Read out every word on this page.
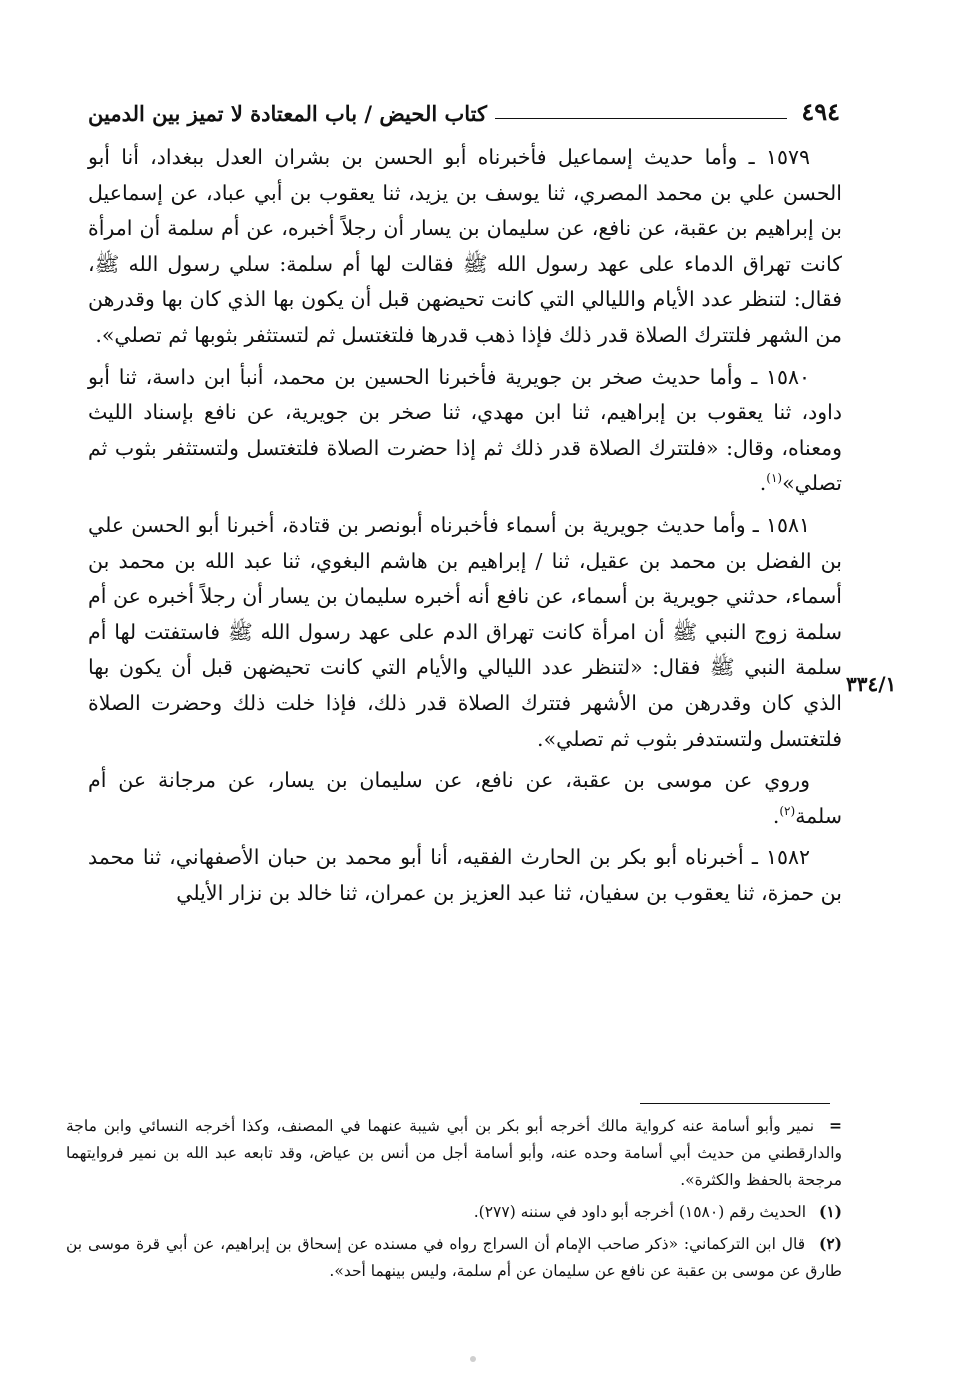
٤٩٤
كتاب الحيض / باب المعتادة لا تميز بين الدمين
٣٣٤/١

١٥٧٩ ـ وأما حديث إسماعيل فأخبرناه أبو الحسن بن بشران العدل ببغداد، أنا أبو الحسن علي بن محمد المصري، ثنا يوسف بن يزيد، ثنا يعقوب بن أبي عباد، عن إسماعيل بن إبراهيم بن عقبة، عن نافع، عن سليمان بن يسار أن رجلاً أخبره، عن أم سلمة أن امرأة كانت تهراق الدماء على عهد رسول الله ﷺ فقالت لها أم سلمة: سلي رسول الله ﷺ، فقال: لتنظر عدد الأيام والليالي التي كانت تحيضهن قبل أن يكون بها الذي كان بها وقدرهن من الشهر فلتترك الصلاة قدر ذلك فإذا ذهب قدرها فلتغتسل ثم لتستثفر بثوبها ثم تصلي».

١٥٨٠ ـ وأما حديث صخر بن جويرية فأخبرنا الحسين بن محمد، أنبأ ابن داسة، ثنا أبو داود، ثنا يعقوب بن إبراهيم، ثنا ابن مهدي، ثنا صخر بن جويرية، عن نافع بإسناد الليث ومعناه، وقال: «فلتترك الصلاة قدر ذلك ثم إذا حضرت الصلاة فلتغتسل ولتستثفر بثوب ثم تصلي»$^{(١)}$.

١٥٨١ ـ وأما حديث جويرية بن أسماء فأخبرناه أبونصر بن قتادة، أخبرنا أبو الحسن علي بن الفضل بن محمد بن عقيل، ثنا / إبراهيم بن هاشم البغوي، ثنا عبد الله بن محمد بن أسماء، حدثني جويرية بن أسماء، عن نافع أنه أخبره سليمان بن يسار أن رجلاً أخبره عن أم سلمة زوج النبي ﷺ أن امرأة كانت تهراق الدم على عهد رسول الله ﷺ فاستفتت لها أم سلمة النبي ﷺ فقال: «لتنظر عدد الليالي والأيام التي كانت تحيضهن قبل أن يكون بها الذي كان وقدرهن من الأشهر فتترك الصلاة قدر ذلك، فإذا خلت ذلك وحضرت الصلاة فلتغتسل ولتستدفر بثوب ثم تصلي».

وروي عن موسى بن عقبة، عن نافع، عن سليمان بن يسار، عن مرجانة عن أم سلمة$^{(٢)}$.

١٥٨٢ ـ أخبرناه أبو بكر بن الحارث الفقيه، أنا أبو محمد بن حبان الأصفهاني، ثنا محمد بن حمزة، ثنا يعقوب بن سفيان، ثنا عبد العزيز بن عمران، ثنا خالد بن نزار الأيلي

= نمير وأبو أسامة عنه كرواية مالك أخرجه أبو بكر بن أبي شيبة عنهما في المصنف، وكذا أخرجه النسائي وابن ماجة والدارقطني من حديث أبي أسامة وحده عنه، وأبو أسامة أجل من أنس بن عياض، وقد تابعه عبد الله بن نمير فروايتهما مرجحة بالحفظ والكثرة».

(١) الحديث رقم (١٥٨٠) أخرجه أبو داود في سننه (٢٧٧).

(٢) قال ابن التركماني: «ذكر صاحب الإمام أن السراج رواه في مسنده عن إسحاق بن إبراهيم، عن أبي قرة موسى بن طارق عن موسى بن عقبة عن نافع عن سليمان عن أم سلمة، وليس بينهما أحد».
